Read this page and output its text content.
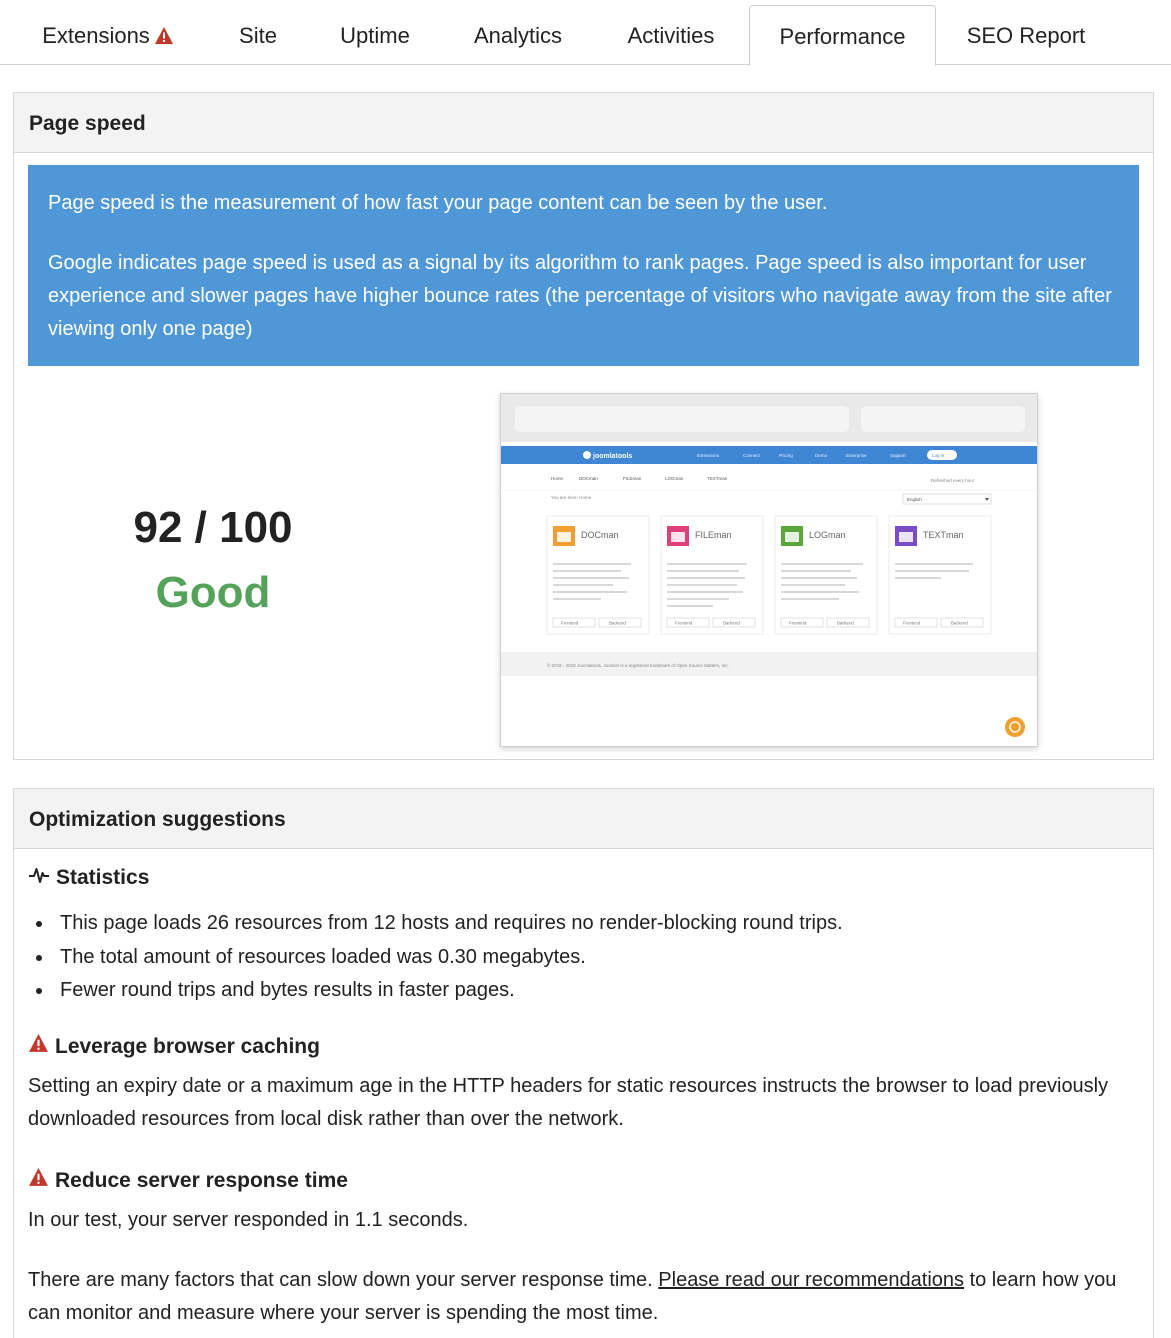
Extensions	Site	Uptime	Analytics	Activities	Performance	SEO Report
Page speed

Page speed is the measurement of how fast your page content can be seen by the user.

Google indicates page speed is used as a signal by its algorithm to rank pages. Page speed is also important for user experience and slower pages have higher bounce rates (the percentage of visitors who navigate away from the site after viewing only one page)

92 / 100
Good
joomlatools	Extensions	Connect	Pricing	Demo	Enterprise	Support	Log in
Home	DOCman	FILEman	LOGman	TEXTman	Refreshed every hour
You are here: Home	English
DOCman
Frontend	Backend
FILEman
Frontend	Backend
LOGman
Frontend	Backend
TEXTman
Frontend	Backend
© 2016 - 2018 Joomlatools. Joomla! is a registered trademark of Open Source Matters, Inc.
Optimization suggestions
Statistics
This page loads 26 resources from 12 hosts and requires no render-blocking round trips.
The total amount of resources loaded was 0.30 megabytes.
Fewer round trips and bytes results in faster pages.
Leverage browser caching
Setting an expiry date or a maximum age in the HTTP headers for static resources instructs the browser to load previously downloaded resources from local disk rather than over the network.
Reduce server response time
In our test, your server responded in 1.1 seconds.
There are many factors that can slow down your server response time. Please read our recommendations to learn how you can monitor and measure where your server is spending the most time.
